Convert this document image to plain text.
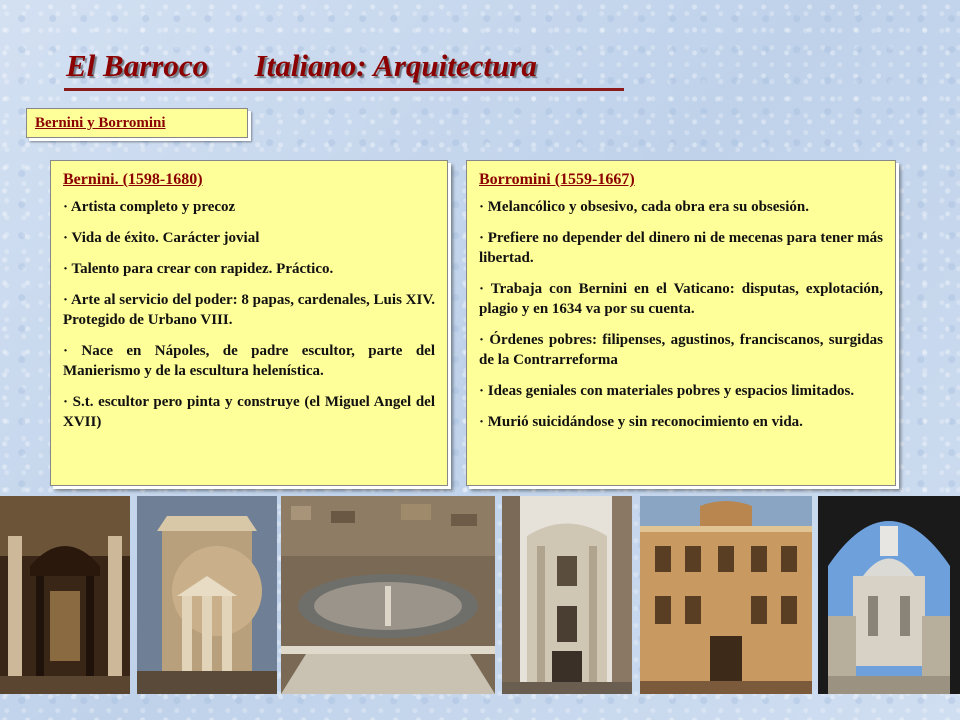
El Barroco      Italiano: Arquitectura
Bernini y Borromini
Bernini. (1598-1680)
· Artista completo y precoz
· Vida de éxito. Carácter jovial
· Talento para crear con rapidez. Práctico.
· Arte al servicio del poder: 8 papas, cardenales, Luis XIV. Protegido de Urbano VIII.
· Nace en Nápoles, de padre escultor, parte del Manierismo y de la escultura helenística.
· S.t. escultor pero pinta y construye (el Miguel Angel del XVII)
Borromini (1559-1667)
· Melancólico y obsesivo, cada obra era su obsesión.
· Prefiere no depender del dinero ni de mecenas para tener más libertad.
· Trabaja con Bernini en el Vaticano: disputas, explotación, plagio y en 1634 va por su cuenta.
· Órdenes pobres: filipenses, agustinos, franciscanos, surgidas de la Contrarreforma
· Ideas geniales con materiales pobres y espacios limitados.
· Murió suicidándose y sin reconocimiento en vida.
